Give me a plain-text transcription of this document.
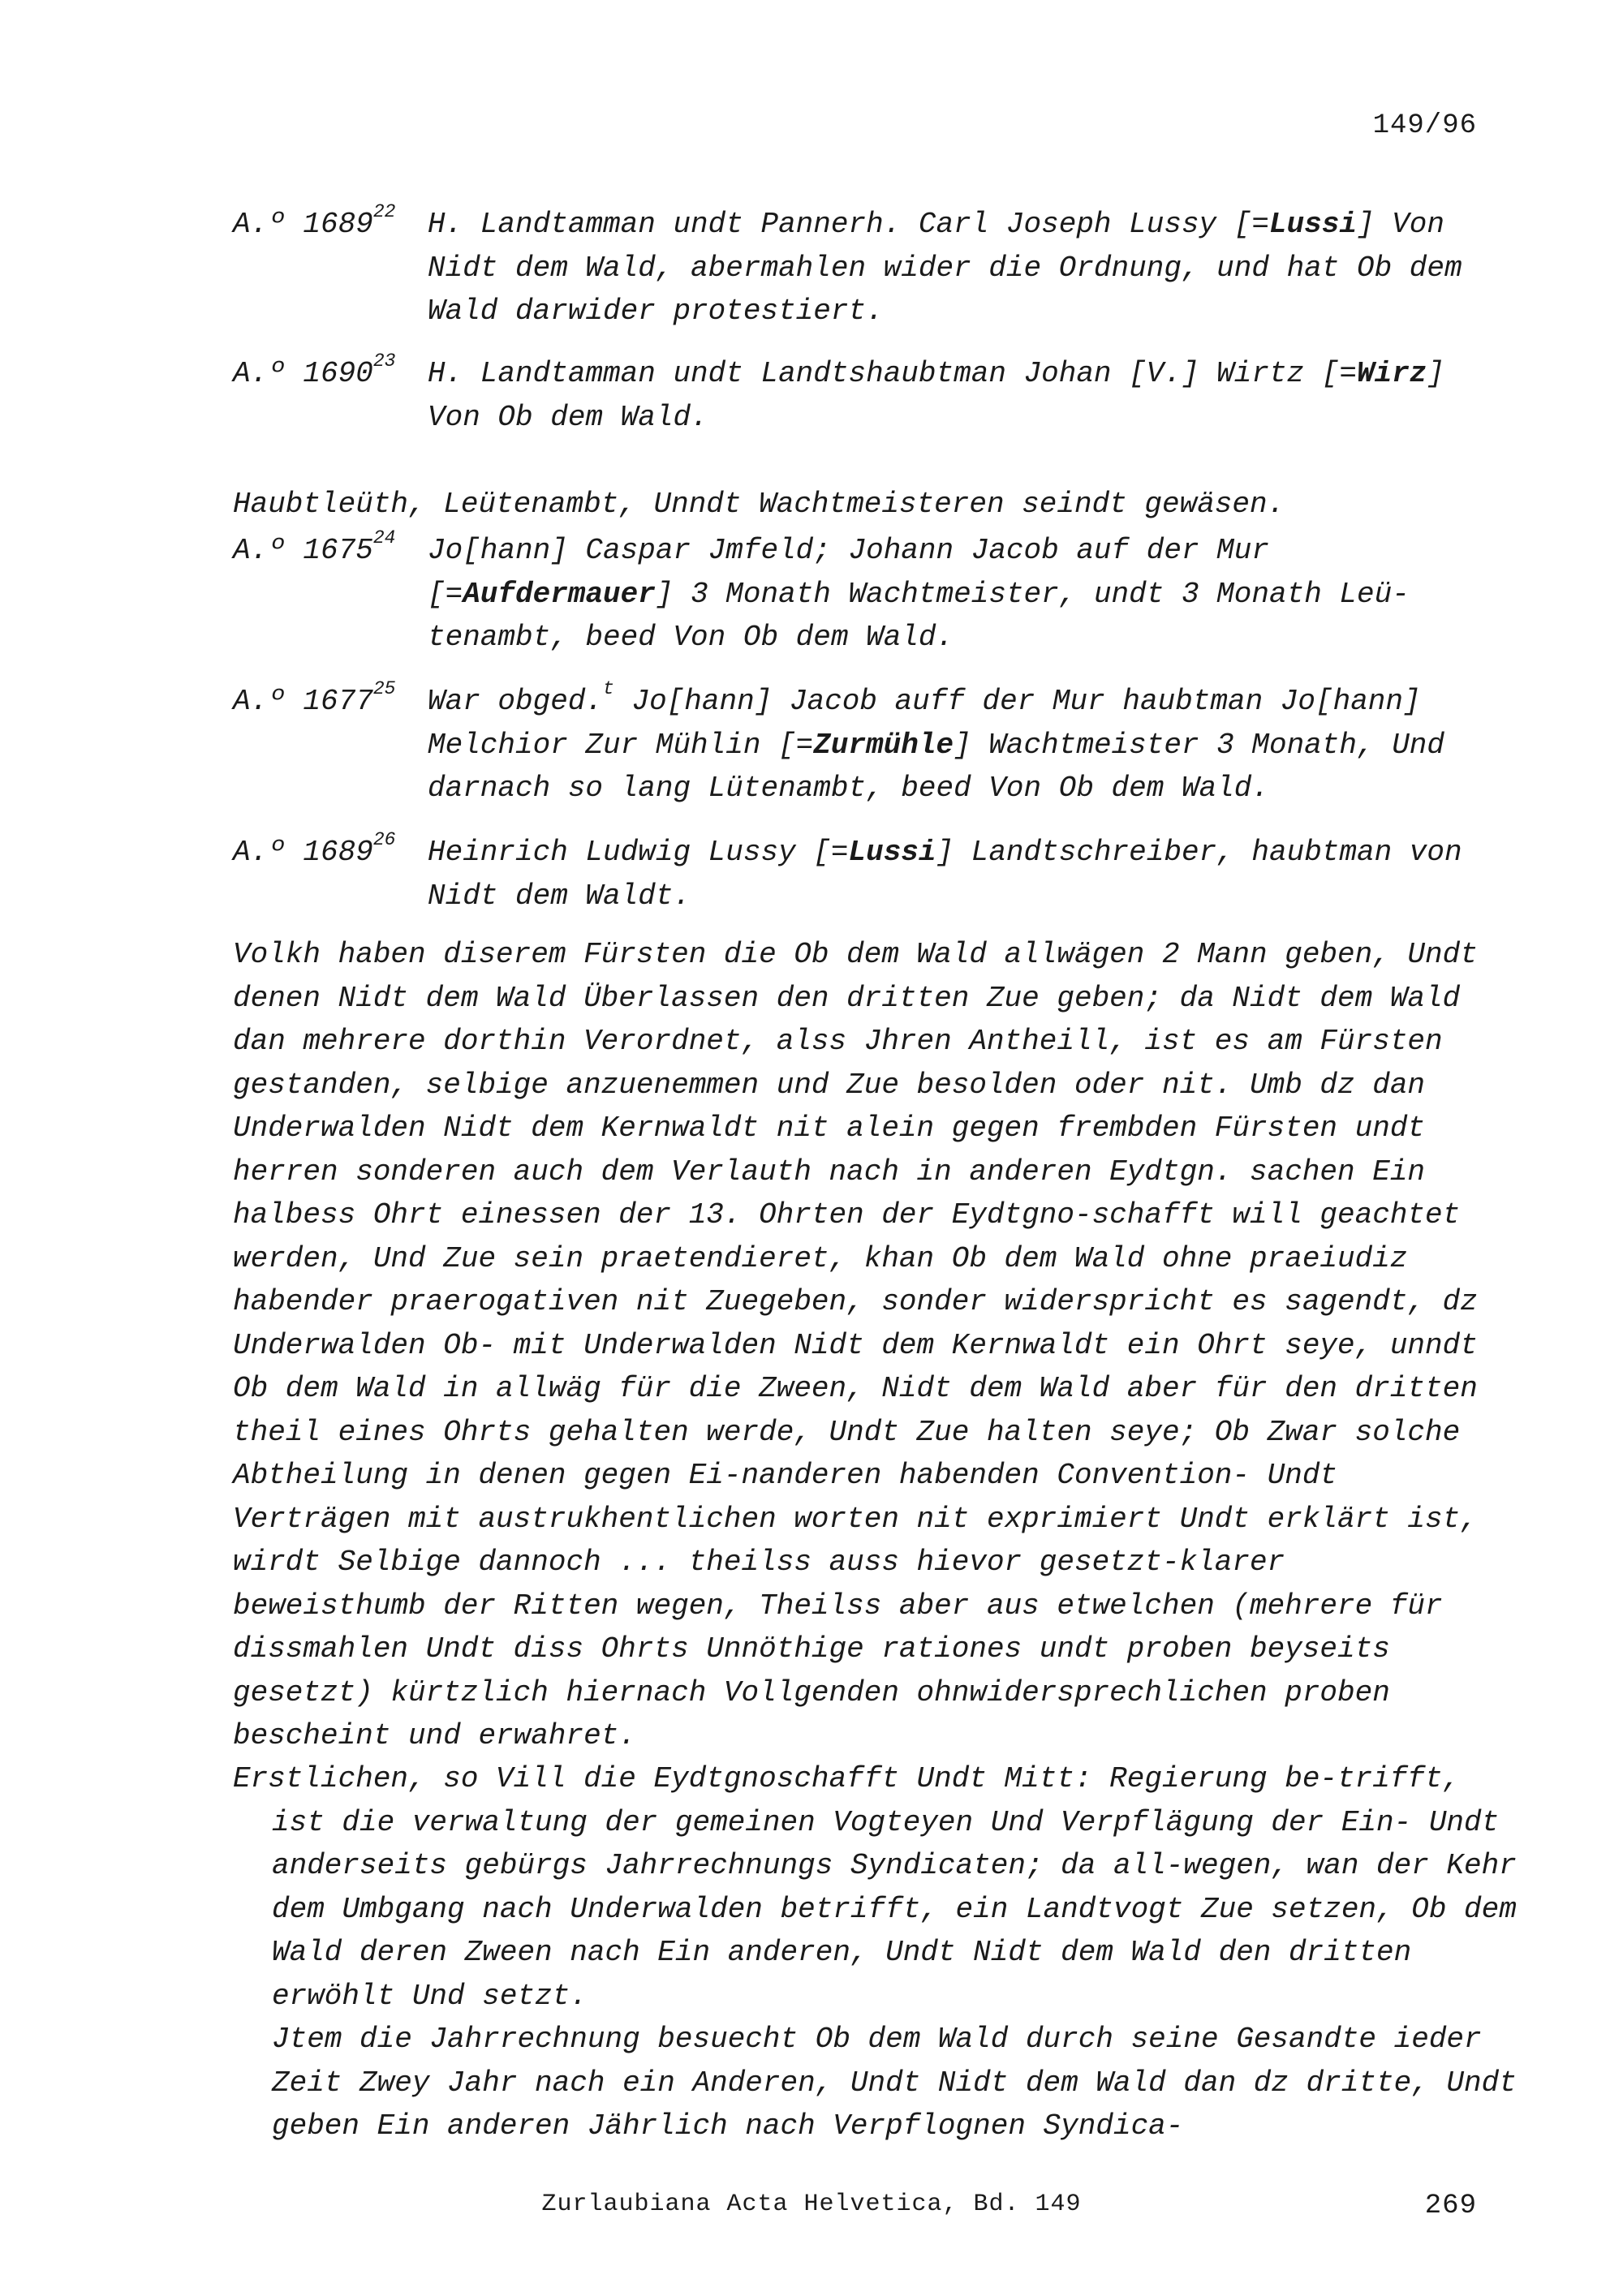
149/96
A.º 1689$^{22}$ H. Landtamman undt Pannerh. Carl Joseph Lussy [=Lussi] Von Nidt dem Wald, abermahlen wider die Ordnung, und hat Ob dem Wald darwider protestiert.
A.º 1690$^{23}$ H. Landtamman undt Landtshaubtman Johan [V.] Wirtz [=Wirz] Von Ob dem Wald.

Haubtleüth, Leütenambt, Unndt Wachtmeisteren seindt gewäsen.

A.º 1675$^{24}$ Jo[hann] Caspar Jmfeld; Johann Jacob auf der Mur [=Aufdermauer] 3 Monath Wachtmeister, undt 3 Monath Leü-tenambt, beed Von Ob dem Wald.
A.º 1677$^{25}$ War obged.$^t$ Jo[hann] Jacob auff der Mur haubtman Jo[hann] Melchior Zur Mühlin [=Zurmühle] Wachtmeister 3 Monath, Und darnach so lang Lütenambt, beed Von Ob dem Wald.
A.º 1689$^{26}$ Heinrich Ludwig Lussy [=Lussi] Landtschreiber, haubtman von Nidt dem Waldt.

Volkh haben diserem Fürsten die Ob dem Wald allwägen 2 Mann geben, Undt denen Nidt dem Wald Überlassen den dritten Zue geben; da Nidt dem Wald dan mehrere dorthin Verordnet, alss Jhren Antheill, ist es am Fürsten gestanden, selbige anzuenemmen und Zue besolden oder nit. Umb dz dan Underwalden Nidt dem Kernwaldt nit alein gegen frembden Fürsten undt herren sonderen auch dem Verlauth nach in anderen Eydtgn. sachen Ein halbess Ohrt einessen der 13. Ohrten der Eydtgno-schafft will geachtet werden, Und Zue sein praetendieret, khan Ob dem Wald ohne praeiudiz habender praerogativen nit Zuegeben, sonder widerspricht es sagendt, dz Underwalden Ob- mit Underwalden Nidt dem Kernwaldt ein Ohrt seye, unndt Ob dem Wald in allwäg für die Zween, Nidt dem Wald aber für den dritten theil eines Ohrts gehalten werde, Undt Zue halten seye; Ob Zwar solche Abtheilung in denen gegen Ei-nanderen habenden Convention- Undt Verträgen mit austrukhentlichen worten nit exprimiert Undt erklärt ist, wirdt Selbige dannoch ... theilss auss hievor gesetzt-klarer beweisthumb der Ritten wegen, Theilss aber aus etwelchen (mehrere für dissmahlen Undt diss Ohrts Unnöthige rationes undt proben beyseits gesetzt) kürtzlich hiernach Vollgenden ohnwidersprechlichen proben bescheint und erwahret.

Erstlichen, so Vill die Eydtgnoschafft Undt Mitt: Regierung be-trifft, ist die verwaltung der gemeinen Vogteyen Und Verpflägung der Ein- Undt anderseits gebürgs Jahrrechnungs Syndicaten; da all-wegen, wan der Kehr dem Umbgang nach Underwalden betrifft, ein Landtvogt Zue setzen, Ob dem Wald deren Zween nach Ein anderen, Undt Nidt dem Wald den dritten erwöhlt Und setzt.

Jtem die Jahrrechnung besuecht Ob dem Wald durch seine Gesandte ieder Zeit Zwey Jahr nach ein Anderen, Undt Nidt dem Wald dan dz dritte, Undt geben Ein anderen Jährlich nach Verpflognen Syndica-

Zurlaubiana Acta Helvetica, Bd. 149	269
